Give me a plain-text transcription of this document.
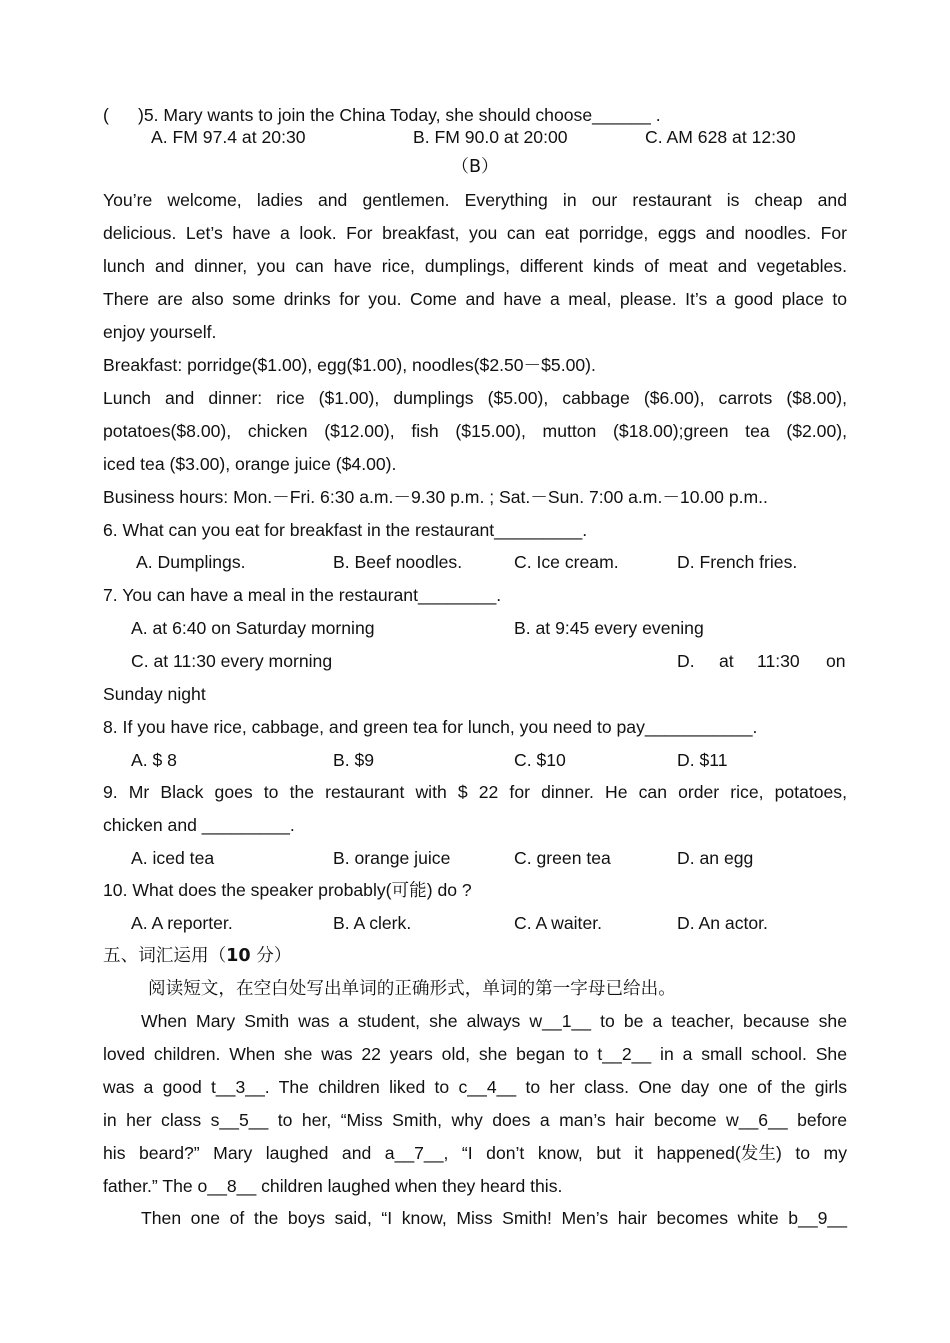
( )5. Mary wants to join the China Today, she should choose______ .
A. FM 97.4 at 20:30	B. FM 90.0 at 20:00	C. AM 628 at 12:30
（B）
You’re welcome, ladies and gentlemen. Everything in our restaurant is cheap and
delicious. Let’s have a look. For breakfast, you can eat porridge, eggs and noodles. For
lunch and dinner, you can have rice, dumplings, different kinds of meat and vegetables.
There are also some drinks for you. Come and have a meal, please. It’s a good place to
enjoy yourself.
Breakfast: porridge($1.00), egg($1.00), noodles($2.50－$5.00).
Lunch and dinner: rice ($1.00), dumplings ($5.00), cabbage ($6.00), carrots ($8.00),
potatoes($8.00), chicken ($12.00), fish ($15.00), mutton ($18.00);green tea ($2.00),
iced tea ($3.00), orange juice ($4.00).
Business hours: Mon.－Fri. 6:30 a.m.－9.30 p.m. ; Sat.－Sun. 7:00 a.m.－10.00 p.m..
6. What can you eat for breakfast in the restaurant_________.
A. Dumplings.	B. Beef noodles.	C. Ice cream.	D. French fries.
7. You can have a meal in the restaurant________.
A. at 6:40 on Saturday morning	B. at 9:45 every evening
C. at 11:30 every morning	D. at 11:30 on
Sunday night
8. If you have rice, cabbage, and green tea for lunch, you need to pay___________.
A. $ 8	B. $9	C. $10	D. $11
9. Mr Black goes to the restaurant with $ 22 for dinner. He can order rice, potatoes,
chicken and _________.
A. iced tea	B. orange juice	C. green tea	D. an egg
10. What does the speaker probably(可能) do ?
A. A reporter.	B. A clerk.	C. A waiter.	D. An actor.
五、词汇运用（10 分）
阅读短文，在空白处写出单词的正确形式，单词的第一字母已给出。
When Mary Smith was a student, she always w__1__ to be a teacher, because she
loved children. When she was 22 years old, she began to t__2__ in a small school. She
was a good t__3__. The children liked to c__4__ to her class. One day one of the girls
in her class s__5__ to her, “Miss Smith, why does a man’s hair become w__6__ before
his beard?” Mary laughed and a__7__, “I don’t know, but it happened(发生) to my
father.” The o__8__ children laughed when they heard this.
Then one of the boys said, “I know, Miss Smith! Men’s hair becomes white b__9__
